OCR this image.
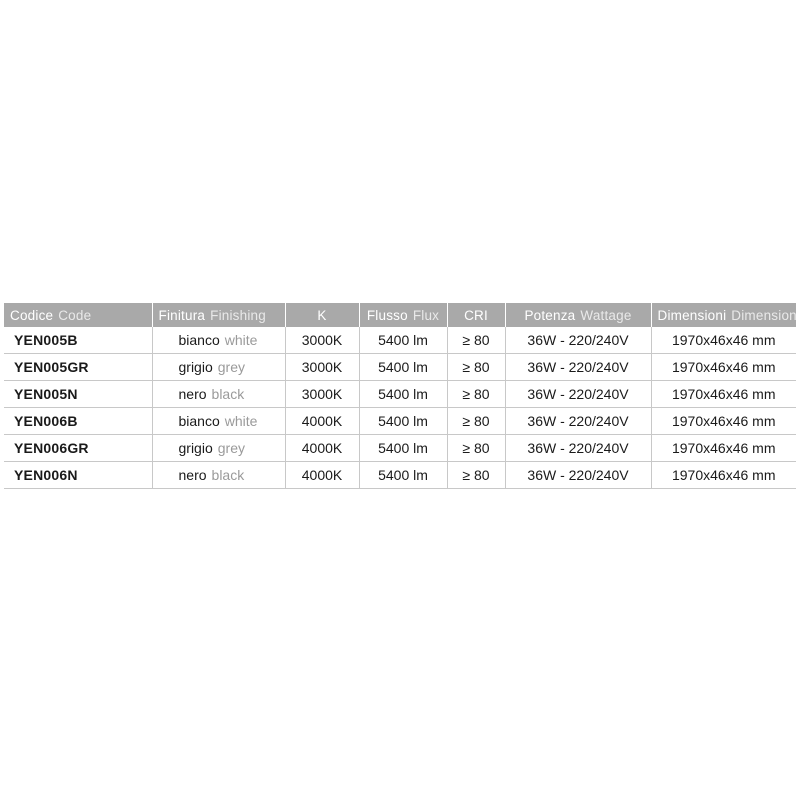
Codice Code	Finitura Finishing	K	Flusso Flux	CRI	Potenza Wattage	Dimensioni Dimension
YEN005B	bianco white	3000K	5400 lm	≥ 80	36W - 220/240V	1970x46x46 mm
YEN005GR	grigio grey	3000K	5400 lm	≥ 80	36W - 220/240V	1970x46x46 mm
YEN005N	nero black	3000K	5400 lm	≥ 80	36W - 220/240V	1970x46x46 mm
YEN006B	bianco white	4000K	5400 lm	≥ 80	36W - 220/240V	1970x46x46 mm
YEN006GR	grigio grey	4000K	5400 lm	≥ 80	36W - 220/240V	1970x46x46 mm
YEN006N	nero black	4000K	5400 lm	≥ 80	36W - 220/240V	1970x46x46 mm
